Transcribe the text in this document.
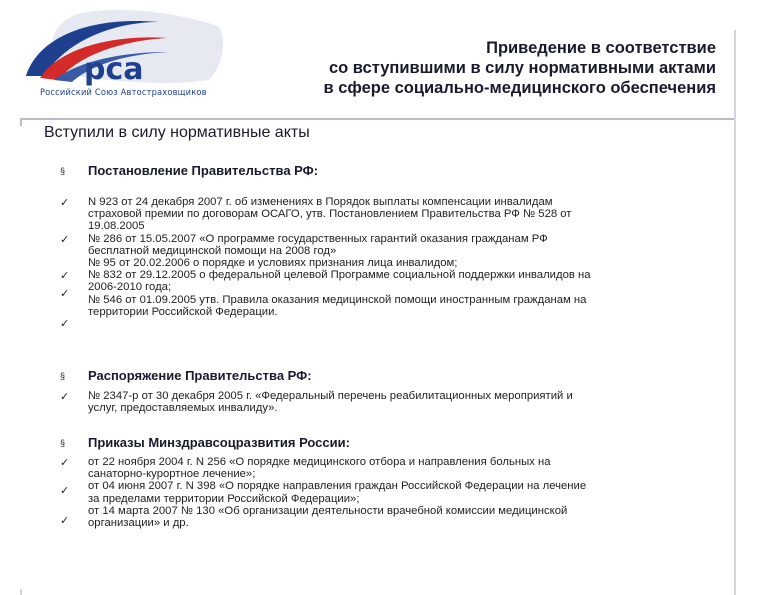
рса
Российский Союз Автостраховщиков
Приведение в соответствие
со вступившими в силу нормативными актами
в сфере социально-медицинского обеспечения
Вступили в силу нормативные акты
§	Постановление Правительства РФ:
N 923 от 24 декабря 2007 г. об изменениях в Порядок выплаты компенсации инвалидам
страховой премии по договорам ОСАГО, утв. Постановлением Правительства РФ № 528 от
19.08.2005
№ 286 от 15.05.2007 «О программе государственных гарантий оказания гражданам РФ
бесплатной медицинской помощи на 2008 год»
№ 95 от 20.02.2006 о порядке и условиях признания лица инвалидом;
№ 832 от 29.12.2005 о федеральной целевой Программе социальной поддержки инвалидов на
2006-2010 года;
№ 546 от 01.09.2005 утв. Правила оказания медицинской помощи иностранным гражданам на
территории Российской Федерации.
✓
✓
✓
✓
✓
§	Распоряжение Правительства РФ:
№ 2347-р от 30 декабря 2005 г. «Федеральный перечень реабилитационных мероприятий и
услуг, предоставляемых инвалиду».
✓
§	Приказы Минздравсоцразвития России:
от 22 ноября 2004 г. N 256 «О порядке медицинского отбора и направления больных на
санаторно-курортное лечение»;
от 04 июня 2007 г. N 398 «О порядке направления граждан Российской Федерации на лечение
за пределами территории Российской Федерации»;
от 14 марта 2007 № 130 «Об организации деятельности врачебной комиссии медицинской
организации» и др.
✓
✓
✓
